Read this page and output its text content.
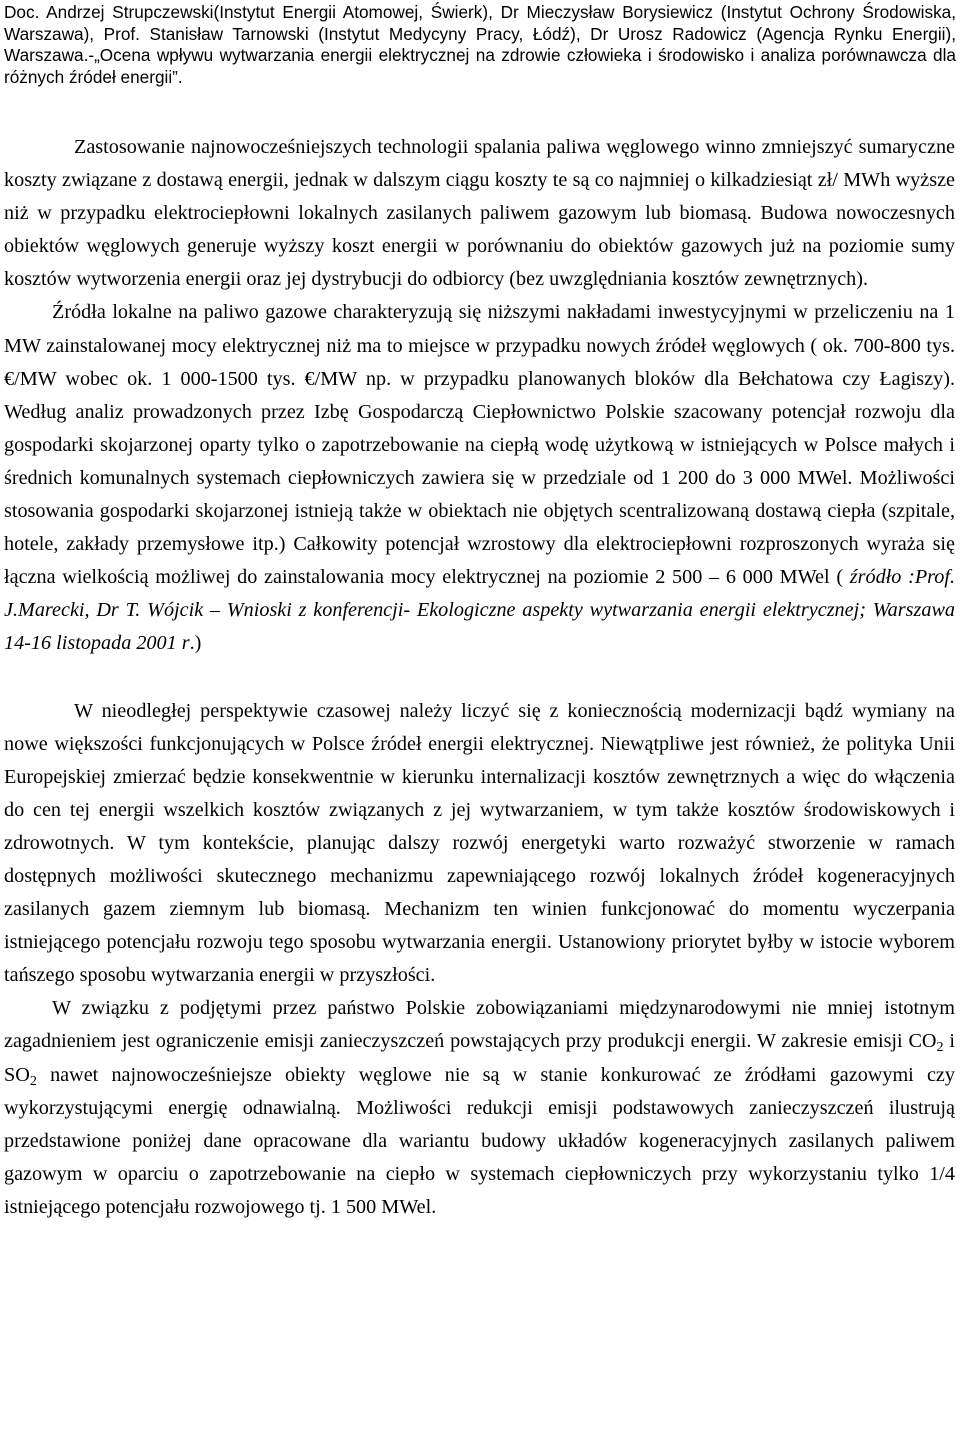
Doc. Andrzej Strupczewski(Instytut Energii Atomowej, Świerk), Dr Mieczysław Borysiewicz (Instytut Ochrony Środowiska, Warszawa), Prof. Stanisław Tarnowski (Instytut Medycyny Pracy, Łódź), Dr Urosz Radowicz (Agencja Rynku Energii), Warszawa.-„Ocena wpływu wytwarzania energii elektrycznej na zdrowie człowieka i środowisko i analiza porównawcza dla różnych źródeł energii”.

Zastosowanie najnowocześniejszych technologii spalania paliwa węglowego winno zmniejszyć sumaryczne koszty związane z dostawą energii, jednak w dalszym ciągu koszty te są co najmniej o kilkadziesiąt zł/ MWh wyższe niż w przypadku elektrociepłowni lokalnych zasilanych paliwem gazowym lub biomasą. Budowa nowoczesnych obiektów węglowych generuje wyższy koszt energii w porównaniu do obiektów gazowych już na poziomie sumy kosztów wytworzenia energii oraz jej dystrybucji do odbiorcy (bez uwzględniania kosztów zewnętrznych).

Źródła lokalne na paliwo gazowe charakteryzują się niższymi nakładami inwestycyjnymi w przeliczeniu na 1 MW zainstalowanej mocy elektrycznej niż ma to miejsce w przypadku nowych źródeł węglowych ( ok. 700-800 tys. €/MW wobec ok. 1 000-1500 tys. €/MW np. w przypadku planowanych bloków dla Bełchatowa czy Łagiszy). Według analiz prowadzonych przez Izbę Gospodarczą Ciepłownictwo Polskie szacowany potencjał rozwoju dla gospodarki skojarzonej oparty tylko o zapotrzebowanie na ciepłą wodę użytkową w istniejących w Polsce małych i średnich komunalnych systemach ciepłowniczych zawiera się w przedziale od 1 200 do 3 000 MWel. Możliwości stosowania gospodarki skojarzonej istnieją także w obiektach nie objętych scentralizowaną dostawą ciepła (szpitale, hotele, zakłady przemysłowe itp.) Całkowity potencjał wzrostowy dla elektrociepłowni rozproszonych wyraża się łączna wielkością możliwej do zainstalowania mocy elektrycznej na poziomie 2 500 – 6 000 MWel ( źródło :Prof. J.Marecki, Dr T. Wójcik – Wnioski z konferencji- Ekologiczne aspekty wytwarzania energii elektrycznej; Warszawa 14-16 listopada 2001 r.)

W nieodległej perspektywie czasowej należy liczyć się z koniecznością modernizacji bądź wymiany na nowe większości funkcjonujących w Polsce źródeł energii elektrycznej. Niewątpliwe jest również, że polityka Unii Europejskiej zmierzać będzie konsekwentnie w kierunku internalizacji kosztów zewnętrznych a więc do włączenia do cen tej energii wszelkich kosztów związanych z jej wytwarzaniem, w tym także kosztów środowiskowych i zdrowotnych. W tym kontekście, planując dalszy rozwój energetyki warto rozważyć stworzenie w ramach dostępnych możliwości skutecznego mechanizmu zapewniającego rozwój lokalnych źródeł kogeneracyjnych zasilanych gazem ziemnym lub biomasą. Mechanizm ten winien funkcjonować do momentu wyczerpania istniejącego potencjału rozwoju tego sposobu wytwarzania energii. Ustanowiony priorytet byłby w istocie wyborem tańszego sposobu wytwarzania energii w przyszłości.

W związku z podjętymi przez państwo Polskie zobowiązaniami międzynarodowymi nie mniej istotnym zagadnieniem jest ograniczenie emisji zanieczyszczeń powstających przy produkcji energii. W zakresie emisji $CO_2$ i $SO_2$ nawet najnowocześniejsze obiekty węglowe nie są w stanie konkurować ze źródłami gazowymi czy wykorzystującymi energię odnawialną. Możliwości redukcji emisji podstawowych zanieczyszczeń ilustrują przedstawione poniżej dane opracowane dla wariantu budowy układów kogeneracyjnych zasilanych paliwem gazowym w oparciu o zapotrzebowanie na ciepło w systemach ciepłowniczych przy wykorzystaniu tylko 1/4 istniejącego potencjału rozwojowego tj. 1 500 MWel.
